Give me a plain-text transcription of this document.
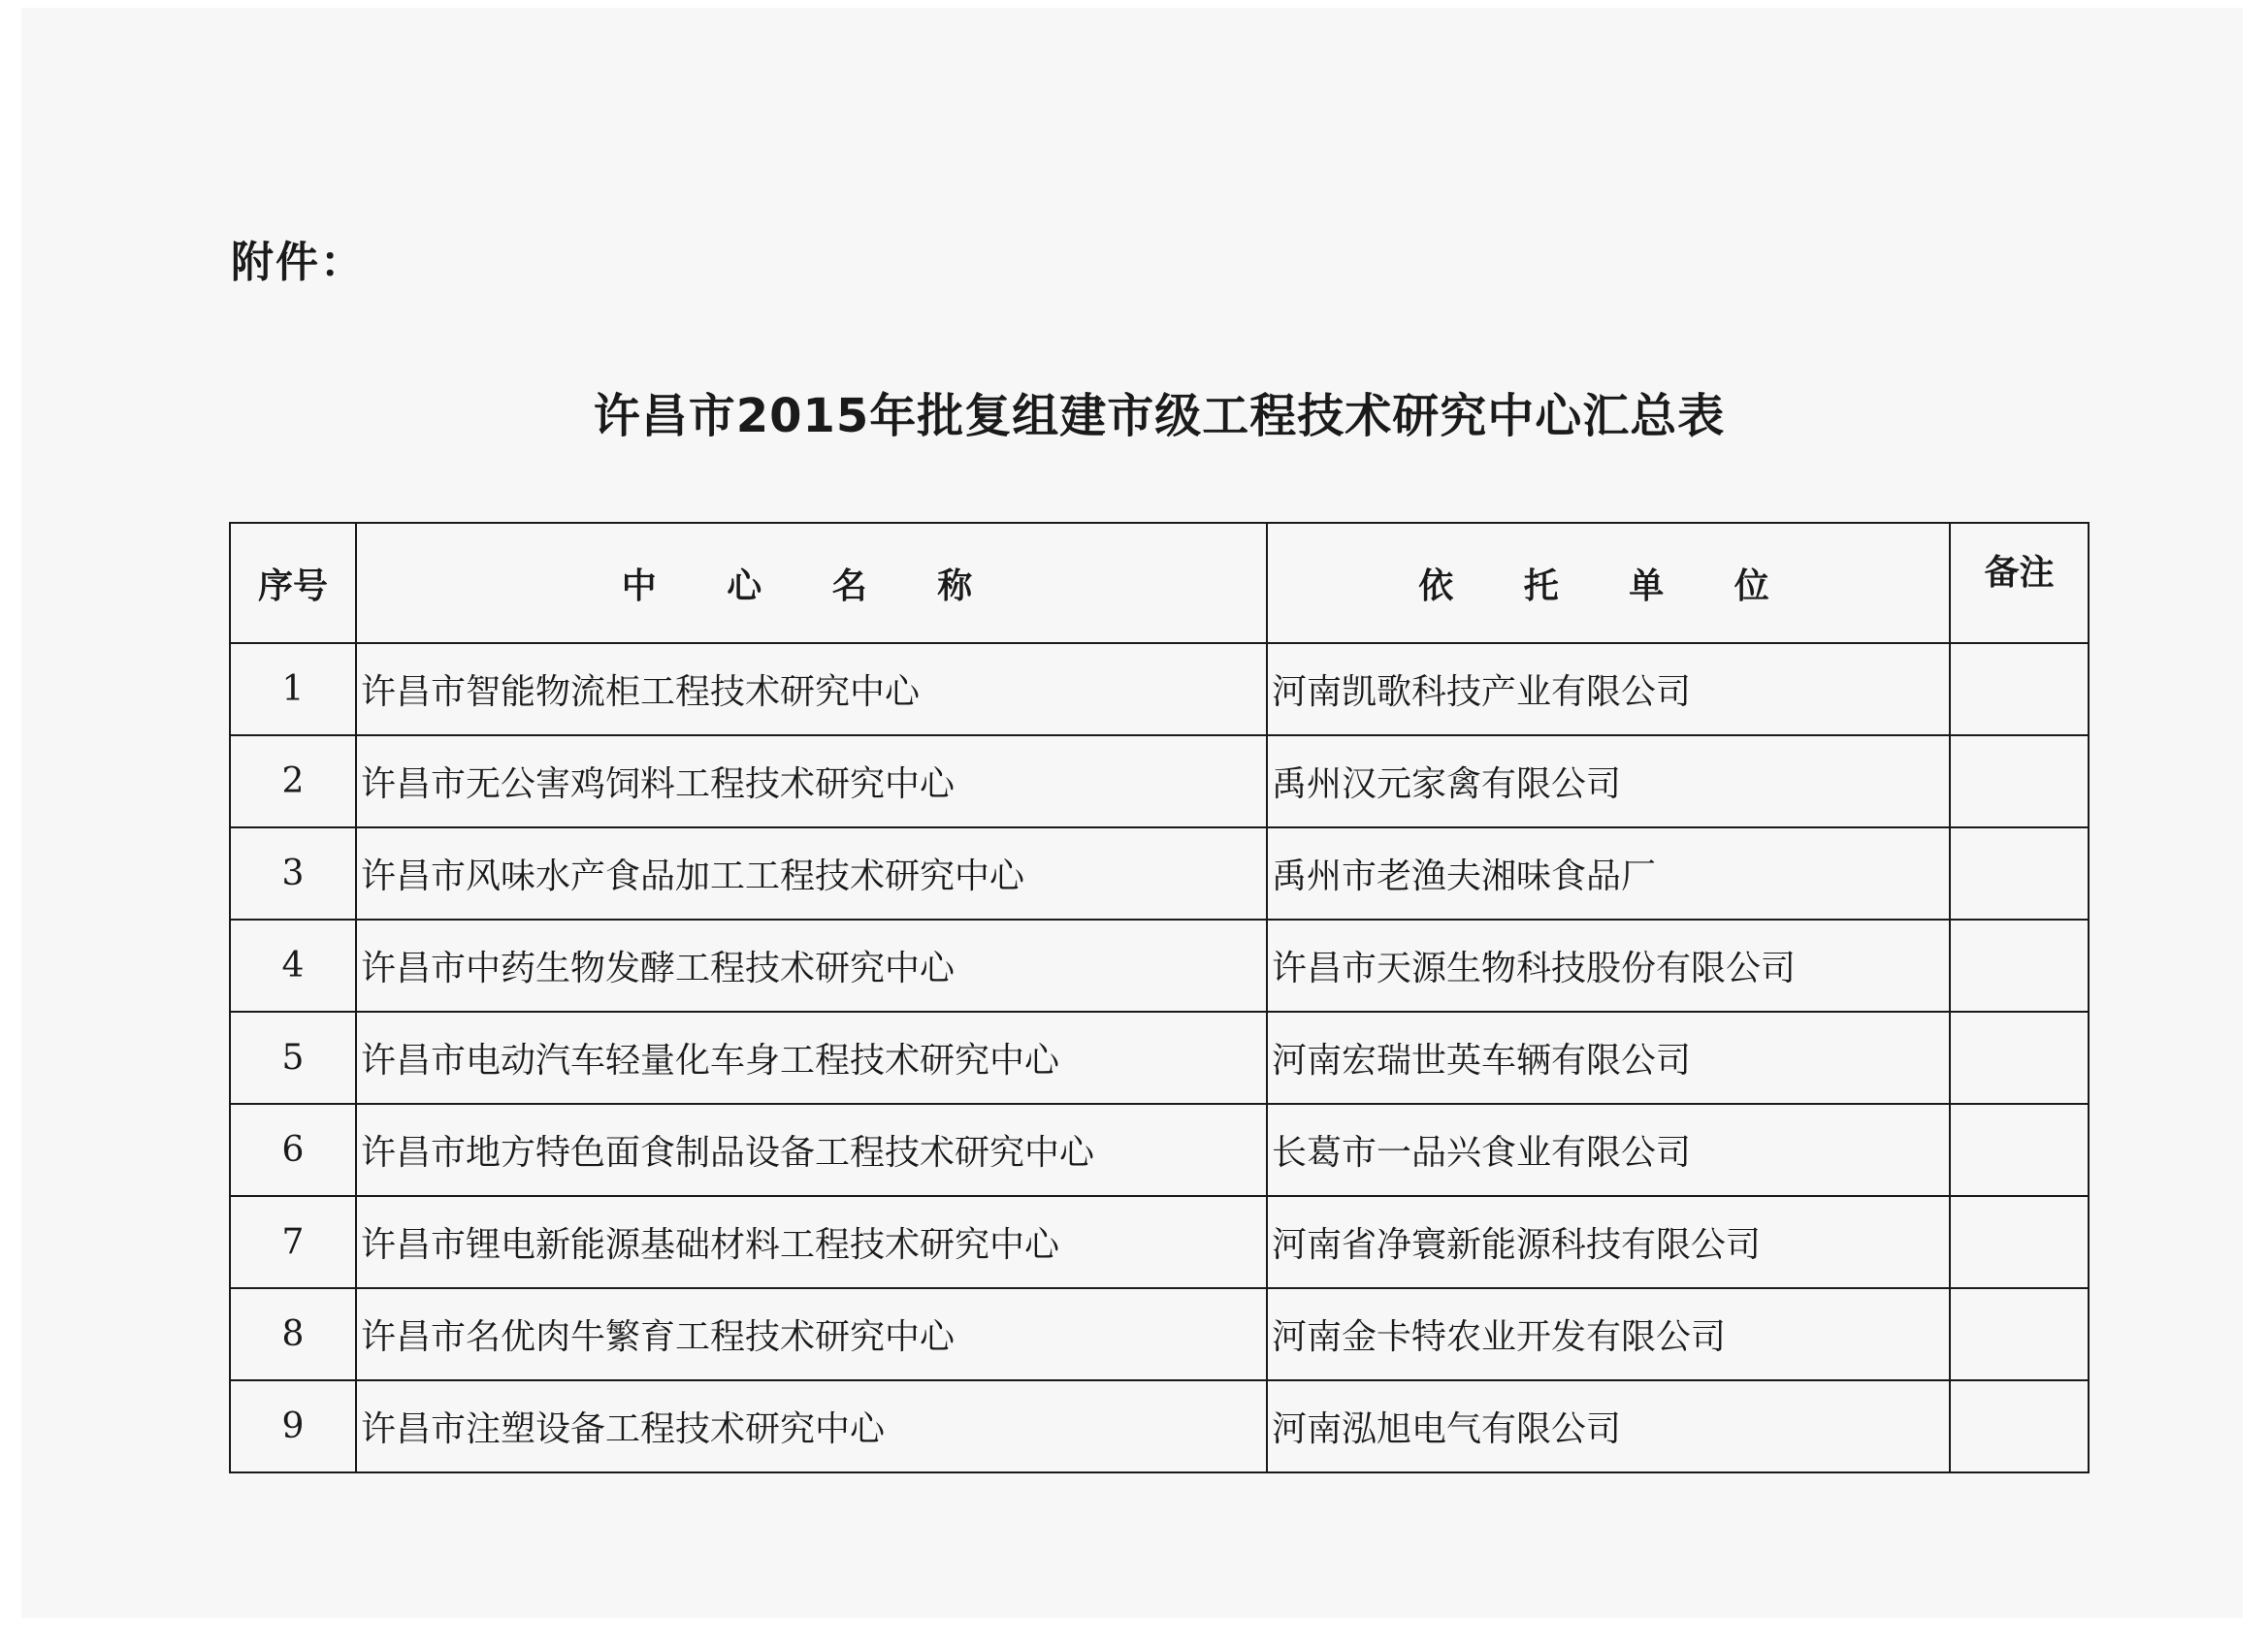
附件：
许昌市2015年批复组建市级工程技术研究中心汇总表
序号	中 心 名 称	依 托 单 位	备注
1	许昌市智能物流柜工程技术研究中心	河南凯歌科技产业有限公司	
2	许昌市无公害鸡饲料工程技术研究中心	禹州汉元家禽有限公司	
3	许昌市风味水产食品加工工程技术研究中心	禹州市老渔夫湘味食品厂	
4	许昌市中药生物发酵工程技术研究中心	许昌市天源生物科技股份有限公司	
5	许昌市电动汽车轻量化车身工程技术研究中心	河南宏瑞世英车辆有限公司	
6	许昌市地方特色面食制品设备工程技术研究中心	长葛市一品兴食业有限公司	
7	许昌市锂电新能源基础材料工程技术研究中心	河南省净寰新能源科技有限公司	
8	许昌市名优肉牛繁育工程技术研究中心	河南金卡特农业开发有限公司	
9	许昌市注塑设备工程技术研究中心	河南泓旭电气有限公司	
